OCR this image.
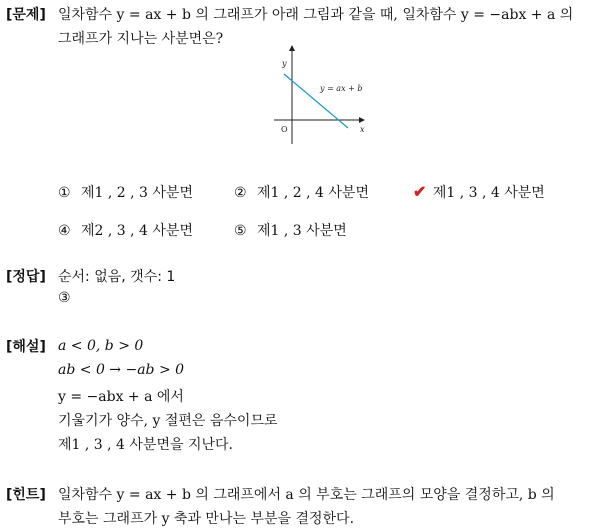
[문제] 일차함수 y = ax + b 의 그래프가 아래 그림과 같을 때, 일차함수 y = −abx + a 의
그래프가 지나는 사분면은?
y
x
O
y = ax + b
① 제1 , 2 , 3 사분면	② 제1 , 2 , 4 사분면	✔ 제1 , 3 , 4 사분면
④ 제2 , 3 , 4 사분면	⑤ 제1 , 3 사분면
[정답] 순서: 없음, 갯수: 1
③
[해설] a < 0, b > 0
ab < 0 → −ab > 0
y = −abx + a 에서
기울기가 양수, y 절편은 음수이므로
제1 , 3 , 4 사분면을 지난다.
[힌트] 일차함수 y = ax + b 의 그래프에서 a 의 부호는 그래프의 모양을 결정하고, b 의
부호는 그래프가 y 축과 만나는 부분을 결정한다.
